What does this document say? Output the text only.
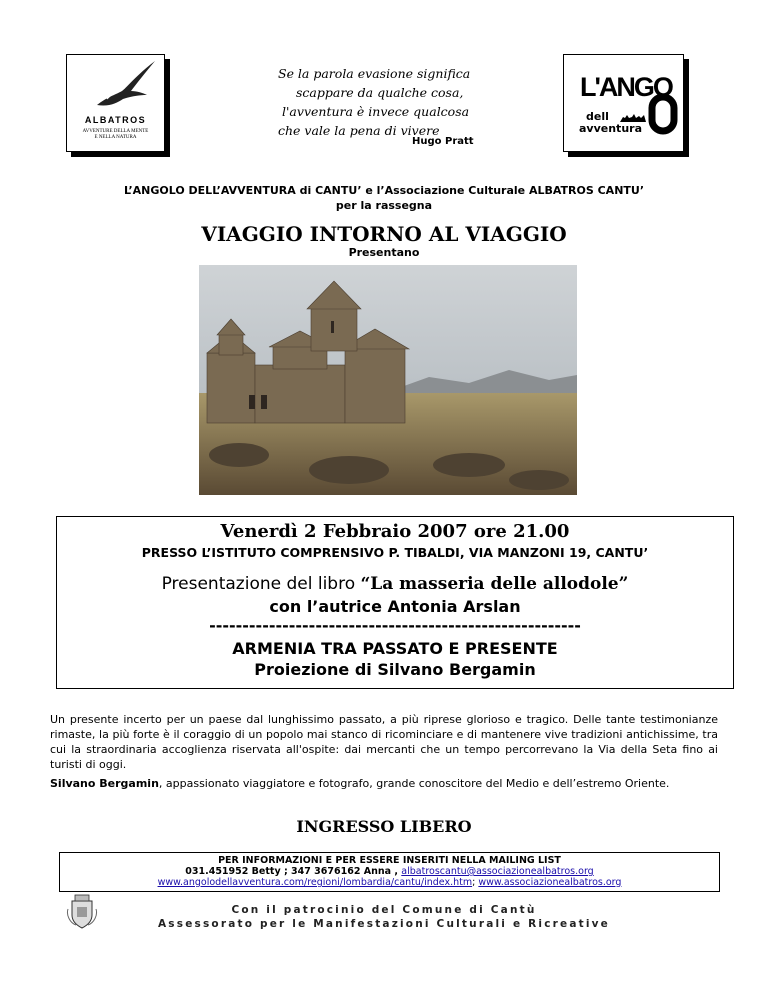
ALBATROS
AVVENTURE DELLA MENTE
E NELLA NATURA
Se la parola evasione significa
scappare da qualche cosa,
l'avventura è invece qualcosa
che vale la pena di vivere
Hugo Pratt
L'ANGO
dell
avventura
L’ANGOLO DELL’AVVENTURA di CANTU’ e l’Associazione Culturale ALBATROS CANTU’
per la rassegna
VIAGGIO INTORNO AL VIAGGIO
Presentano
Venerdì 2 Febbraio 2007 ore 21.00
PRESSO L’ISTITUTO COMPRENSIVO P. TIBALDI, VIA MANZONI 19, CANTU’
Presentazione del libro “La masseria delle allodole”
con l’autrice Antonia Arslan
--------------------------------------------------------
ARMENIA TRA PASSATO E PRESENTE
Proiezione di Silvano Bergamin
Un presente incerto per un paese dal lunghissimo passato, a più riprese glorioso e tragico. Delle tante testimonianze rimaste, la più forte è il coraggio di un popolo mai stanco di ricominciare e di mantenere vive tradizioni antichissime, tra cui la straordinaria accoglienza riservata all'ospite: dai mercanti che un tempo percorrevano la Via della Seta fino ai turisti di oggi.
Silvano Bergamin, appassionato viaggiatore e fotografo, grande conoscitore del Medio e dell’estremo Oriente.
INGRESSO LIBERO
PER INFORMAZIONI E PER ESSERE INSERITI NELLA MAILING LIST
031.451952 Betty ; 347 3676162 Anna , albatroscantu@associazionealbatros.org
www.angolodellavventura.com/regioni/lombardia/cantu/index.htm; www.associazionealbatros.org
Con il patrocinio del Comune di Cantù
Assessorato per le Manifestazioni Culturali e Ricreative
